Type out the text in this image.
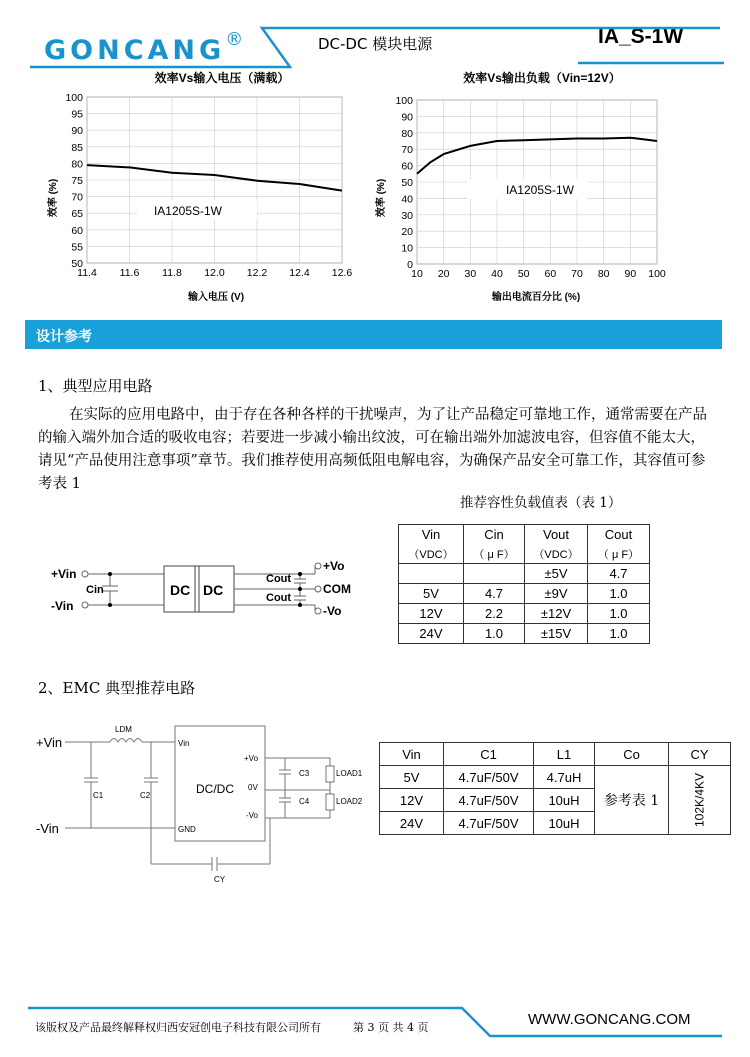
GONCANG®	DC-DC 模块电源	IA_S-1W
效率Vs输入电压（满载）
50
55
60
65
70
75
80
85
90
95
100
11.4 11.6 11.8 12.0 12.2 12.4 12.6
IA1205S-1W
效率 (%)
输入电压 (V)
效率Vs输出负载（Vin=12V）
0
10
20
30
40
50
60
70
80
90
100
10 20 30 40 50 60 70 80 90 100
IA1205S-1W
效率 (%)
输出电流百分比 (%)
设计参考
1、典型应用电路
在实际的应用电路中，由于存在各种各样的干扰噪声，为了让产品稳定可靠地工作，通常需要在产品的输入端外加合适的吸收电容；若要进一步减小输出纹波，可在输出端外加滤波电容，但容值不能太大，请见“产品使用注意事项”章节。我们推荐使用高频低阻电解电容，为确保产品安全可靠工作，其容值可参考表 1
推荐容性负载值表（表 1）
+Vin
-Vin
Cin	DC DC
Cout
Cout
+Vo
COM
-Vo
Vin	Cin	Vout	Cout
（VDC）	（ μ F）	（VDC）	（ μ F）
		±5V	4.7
5V	4.7	±9V	1.0
12V	2.2	±12V	1.0
24V	1.0	±15V	1.0
2、EMC 典型推荐电路
+Vin
-Vin
LDM
C1	C2
Vin
GND
DC/DC
+Vo
0V
-Vo
C3
C4
LOAD1
LOAD2
CY
Vin	C1	L1	Co	CY
5V	4.7uF/50V	4.7uH	参考表 1	102K/4KV

12V	4.7uF/50V	10uH		
24V	4.7uF/50V	10uH		
该版权及产品最终解释权归西安冠创电子科技有限公司所有	第 3 页 共 4 页	WWW.GONCANG.COM
